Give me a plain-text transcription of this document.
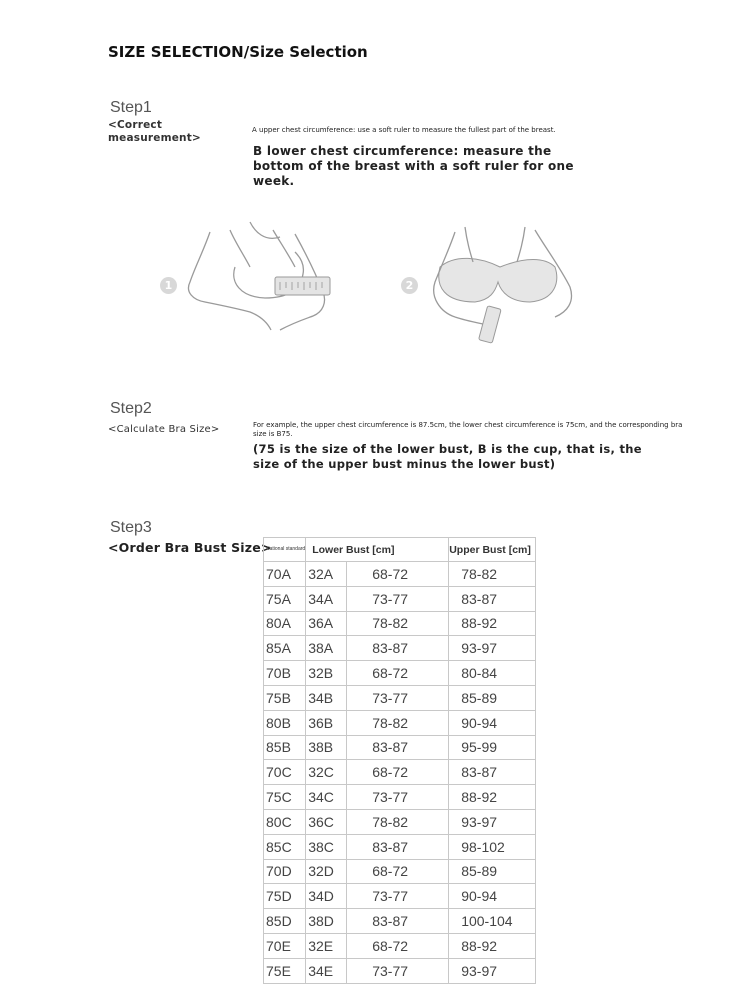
SIZE SELECTION/Size Selection
Step1
<Correct measurement>
A upper chest circumference: use a soft ruler to measure the fullest part of the breast.
B lower chest circumference: measure the bottom of the breast with a soft ruler for one week.
1	2
Step2
<Calculate Bra Size>	For example, the upper chest circumference is 87.5cm, the lower chest circumference is 75cm, and the corresponding bra size is B75.
(75 is the size of the lower bust, B is the cup, that is, the size of the upper bust minus the lower bust)
Step3
<Order Bra Bust Size>
National standard	Lower Bust [cm]		Upper Bust [cm]
70A	32A	68-72	78-82
75A	34A	73-77	83-87
80A	36A	78-82	88-92
85A	38A	83-87	93-97
70B	32B	68-72	80-84
75B	34B	73-77	85-89
80B	36B	78-82	90-94
85B	38B	83-87	95-99
70C	32C	68-72	83-87
75C	34C	73-77	88-92
80C	36C	78-82	93-97
85C	38C	83-87	98-102
70D	32D	68-72	85-89
75D	34D	73-77	90-94
85D	38D	83-87	100-104
70E	32E	68-72	88-92
75E	34E	73-77	93-97
